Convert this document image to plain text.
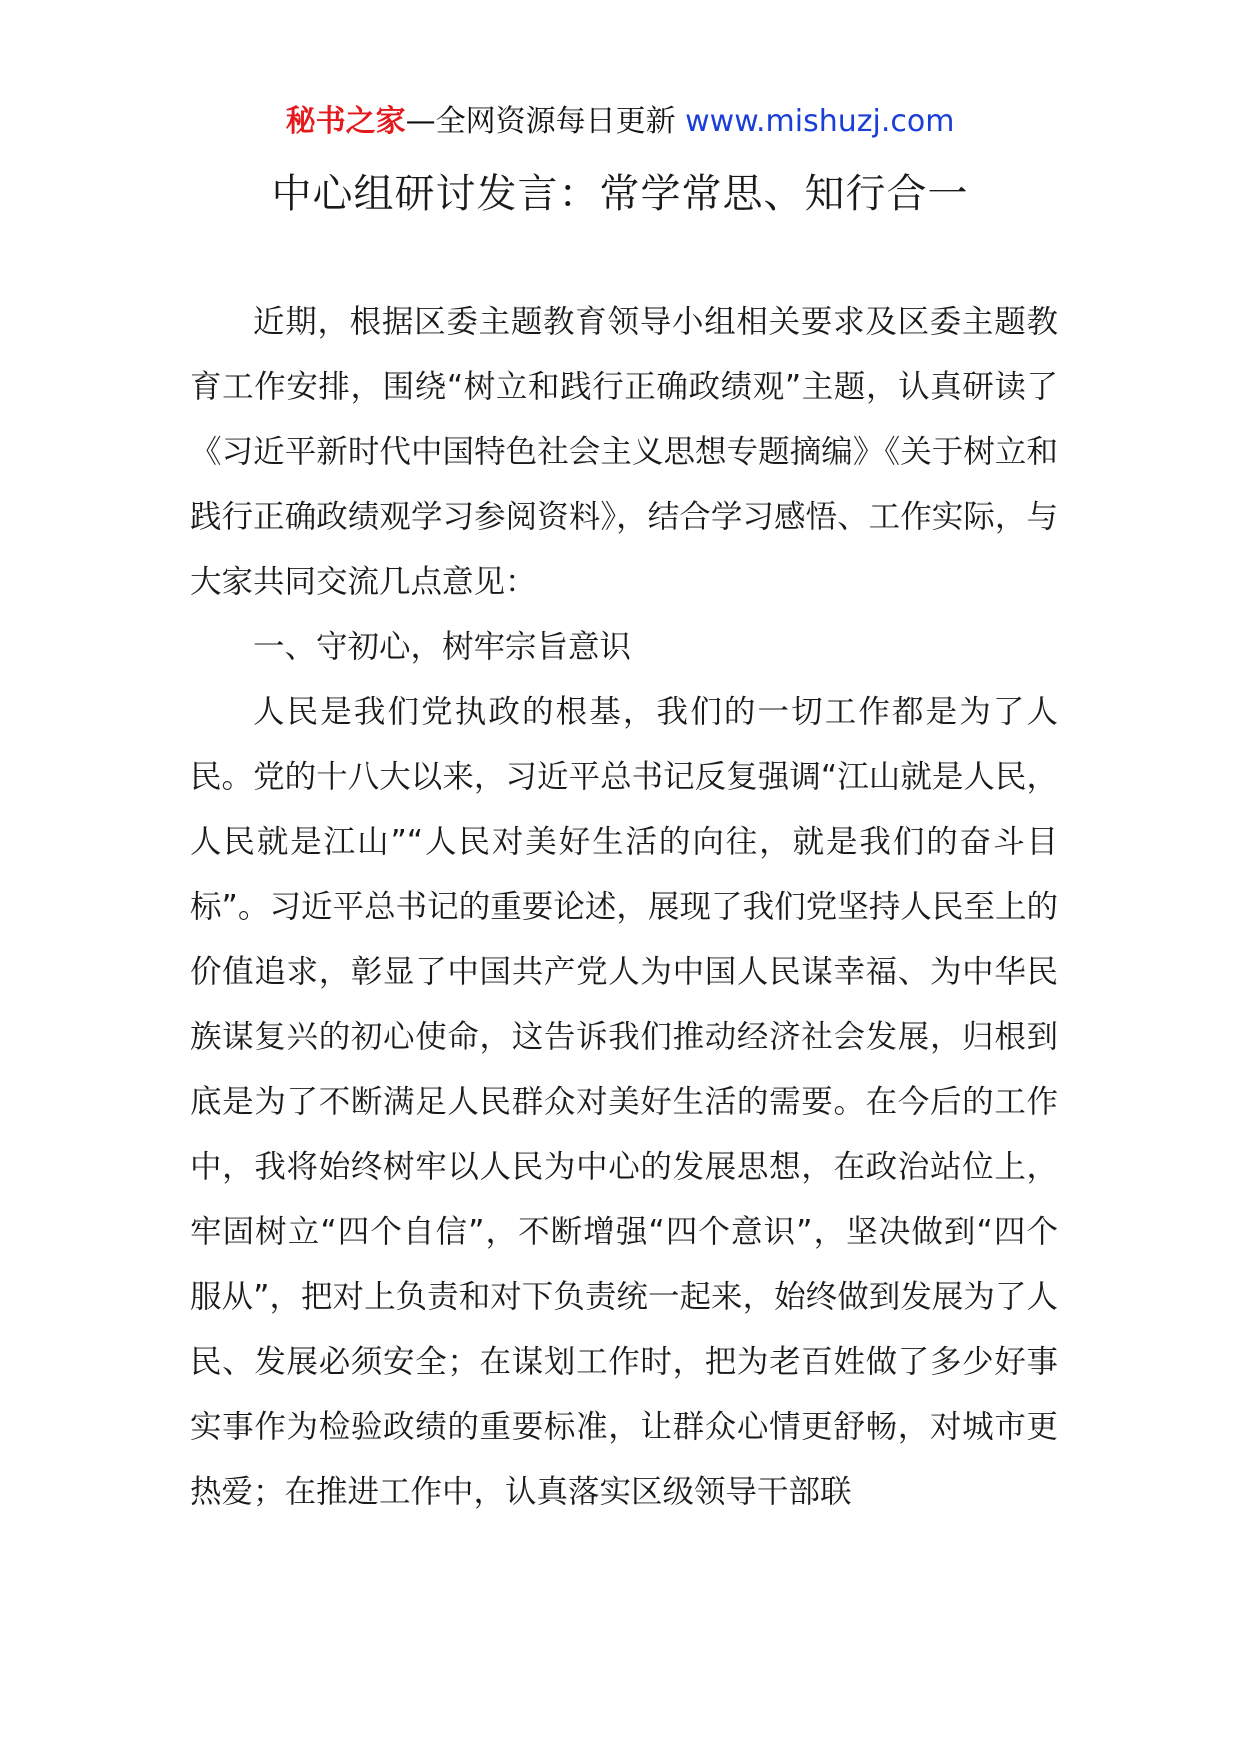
秘书之家—全网资源每日更新 www.mishuzj.com
中心组研讨发言：常学常思、知行合一

近期，根据区委主题教育领导小组相关要求及区委主题教育工作安排，围绕“树立和践行正确政绩观”主题，认真研读了《习近平新时代中国特色社会主义思想专题摘编》《关于树立和践行正确政绩观学习参阅资料》，结合学习感悟、工作实际，与大家共同交流几点意见：

一、守初心，树牢宗旨意识

人民是我们党执政的根基，我们的一切工作都是为了人民。党的十八大以来，习近平总书记反复强调“江山就是人民，人民就是江山”“人民对美好生活的向往，就是我们的奋斗目标”。习近平总书记的重要论述，展现了我们党坚持人民至上的价值追求，彰显了中国共产党人为中国人民谋幸福、为中华民族谋复兴的初心使命，这告诉我们推动经济社会发展，归根到底是为了不断满足人民群众对美好生活的需要。在今后的工作中，我将始终树牢以人民为中心的发展思想，在政治站位上，牢固树立“四个自信”，不断增强“四个意识”，坚决做到“四个服从”，把对上负责和对下负责统一起来，始终做到发展为了人民、发展必须安全；在谋划工作时，把为老百姓做了多少好事实事作为检验政绩的重要标准，让群众心情更舒畅，对城市更热爱；在推进工作中，认真落实区级领导干部联
